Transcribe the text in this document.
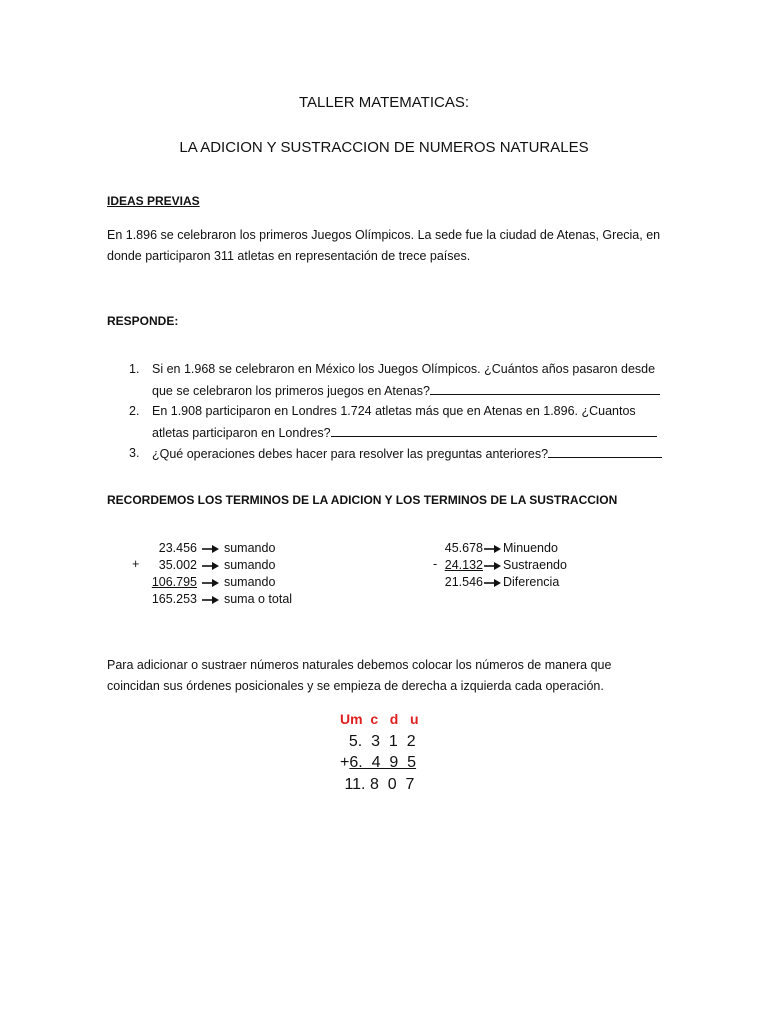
TALLER MATEMATICAS:
LA ADICION Y SUSTRACCION DE NUMEROS NATURALES
IDEAS PREVIAS
En 1.896 se celebraron los primeros Juegos Olímpicos. La sede fue la ciudad de Atenas, Grecia, en donde participaron 311 atletas en representación de trece países.
RESPONDE:
1. Si en 1.968 se celebraron en México los Juegos Olímpicos. ¿Cuántos años pasaron desde que se celebraron los primeros juegos en Atenas?
2. En 1.908 participaron en Londres 1.724 atletas más que en Atenas en 1.896. ¿Cuantos atletas participaron en Londres?
3. ¿Qué operaciones debes hacer para resolver las preguntas anteriores?
RECORDEMOS LOS TERMINOS DE LA ADICION Y LOS TERMINOS DE LA SUSTRACCION
+
23.456 sumando
35.002 sumando
106.795 sumando
165.253 suma o total
-
45.678 Minuendo
24.132 Sustraendo
21.546 Diferencia
Para adicionar o sustraer números naturales debemos colocar los números de manera que coincidan sus órdenes posicionales y se empieza de derecha a izquierda cada operación.
Um  c   d   u
5.  3  1  2
+6.  4  9  5
11. 8  0  7
